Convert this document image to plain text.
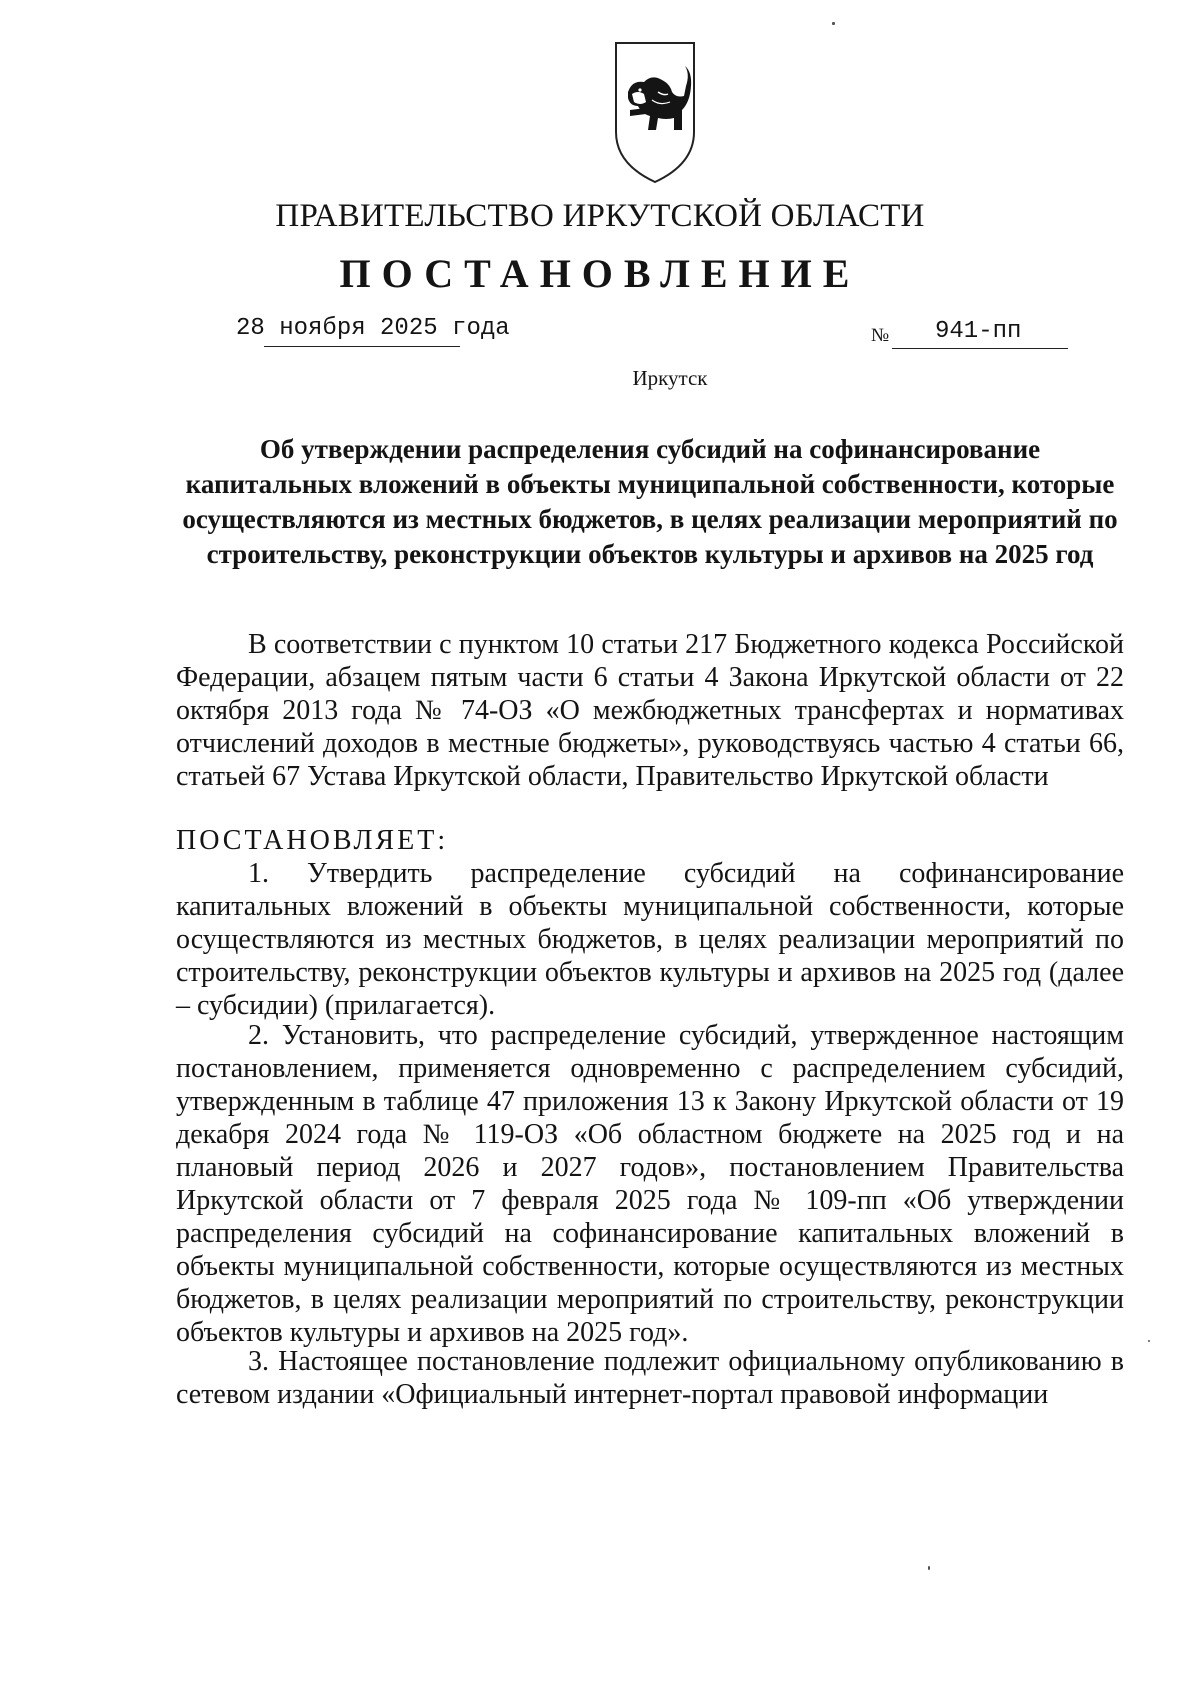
ПРАВИТЕЛЬСТВО ИРКУТСКОЙ ОБЛАСТИ
ПОСТАНОВЛЕНИЕ
28 ноября 2025 года	№ 941-пп
Иркутск
Об утверждении распределения субсидий на софинансирование капитальных вложений в объекты муниципальной собственности, которые осуществляются из местных бюджетов, в целях реализации мероприятий по строительству, реконструкции объектов культуры и архивов на 2025 год
В соответствии с пунктом 10 статьи 217 Бюджетного кодекса Российской Федерации, абзацем пятым части 6 статьи 4 Закона Иркутской области от 22 октября 2013 года № 74-ОЗ «О межбюджетных трансфертах и нормативах отчислений доходов в местные бюджеты», руководствуясь частью 4 статьи 66, статьей 67 Устава Иркутской области, Правительство Иркутской области
ПОСТАНОВЛЯЕТ:
1. Утвердить распределение субсидий на софинансирование капитальных вложений в объекты муниципальной собственности, которые осуществляются из местных бюджетов, в целях реализации мероприятий по строительству, реконструкции объектов культуры и архивов на 2025 год (далее – субсидии) (прилагается).
2. Установить, что распределение субсидий, утвержденное настоящим постановлением, применяется одновременно с распределением субсидий, утвержденным в таблице 47 приложения 13 к Закону Иркутской области от 19 декабря 2024 года № 119-ОЗ «Об областном бюджете на 2025 год и на плановый период 2026 и 2027 годов», постановлением Правительства Иркутской области от 7 февраля 2025 года № 109-пп «Об утверждении распределения субсидий на софинансирование капитальных вложений в объекты муниципальной собственности, которые осуществляются из местных бюджетов, в целях реализации мероприятий по строительству, реконструкции объектов культуры и архивов на 2025 год».
3. Настоящее постановление подлежит официальному опубликованию в сетевом издании «Официальный интернет-портал правовой информации
